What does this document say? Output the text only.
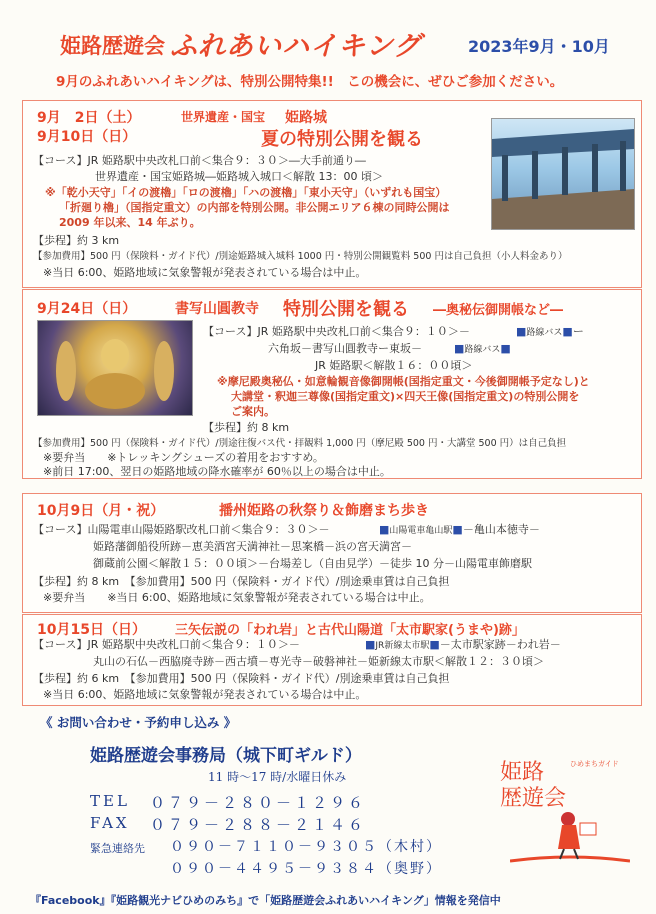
姫路歴遊会 ふれあいハイキング	2023年9月・10月
9月のふれあいハイキングは、特別公開特集!!　この機会に、ぜひご参加ください。
9月　2日（土）
9月10日（日）
世界遺産・国宝 姫路城
夏の特別公開を観る
【コース】JR 姫路駅中央改札口前＜集合９：３０＞―大手前通り―
世界遺産・国宝姫路城―姫路城入城口＜解散 13：00 頃＞
※「乾小天守」「イの渡櫓」「ロの渡櫓」「ハの渡櫓」「東小天守」（いずれも国宝）
「折廻り櫓」（国指定重文）の内部を特別公開。非公開エリア６棟の同時公開は
2009 年以来、14 年ぶり。
【歩程】約 3 km
【参加費用】500 円（保険料・ガイド代）/別途姫路城入城料 1000 円・特別公開観覧料 500 円は自己負担（小人料金あり）
※当日 6:00、姫路地域に気象警報が発表されている場合は中止。
9月24日（日）	書写山圓教寺 特別公開を観る ―奥秘伝御開帳など―
【コース】JR 姫路駅中央改札口前＜集合９：１０＞－	■路線バス■ー
六角坂－書写山圓教寺ー東坂－	■路線バス■
JR 姫路駅＜解散１６：００頃＞
※摩尼殿奥秘仏・如意輪観音像御開帳(国指定重文・今後御開帳予定なし)と
大講堂・釈迦三尊像(国指定重文)×四天王像(国指定重文)の特別公開を
ご案内。
【歩程】約 8 km
【参加費用】500 円（保険料・ガイド代）/別途往復バス代・拝観料 1,000 円（摩尼殿 500 円・大講堂 500 円）は自己負担
※要弁当　　※トレッキングシューズの着用をおすすめ。
※前日 17:00、翌日の姫路地域の降水確率が 60％以上の場合は中止。
10月9日（月・祝）	播州姫路の秋祭り＆飾磨まち歩き
【コース】山陽電車山陽姫路駅改札口前＜集合９：３０＞－	■山陽電車亀山駅■－亀山本徳寺－
姫路藩御船役所跡－恵美酒宮天満神社－思案橋－浜の宮天満宮－
御蔵前公園＜解散１５：００頃＞－台場差し（自由見学）－徒歩 10 分－山陽電車飾磨駅
【歩程】約 8 km　【参加費用】500 円（保険料・ガイド代）/別途乗車賃は自己負担
※要弁当　　※当日 6:00、姫路地域に気象警報が発表されている場合は中止。
10月15日（日） 三矢伝説の「われ岩」と古代山陽道「太市駅家(うまや)跡」
【コース】JR 姫路駅中央改札口前＜集合９：１０＞－	■JR新線太市駅■－太市駅家跡－われ岩－
丸山の石仏－西脇廃寺跡－西古墳－専光寺－破磐神社－姫新線太市駅＜解散１２：３０頃＞
【歩程】約 6 km　【参加費用】500 円（保険料・ガイド代）/別途乗車賃は自己負担
※当日 6:00、姫路地域に気象警報が発表されている場合は中止。
《 お問い合わせ・予約申し込み 》
姫路歴遊会事務局（城下町ギルド）
11 時～17 時/水曜日休み
TEL ０７９－２８０－１２９６
FAX ０７９－２８８－２１４６
緊急連絡先 ０９０－７１１０－９３０５（木村）
０９０－４４９５－９３８４（奥野）
姫路
歴遊会
ひめまちガイド
『Facebook』『姫路観光ナビひめのみち』で「姫路歴遊会ふれあいハイキング」情報を発信中
